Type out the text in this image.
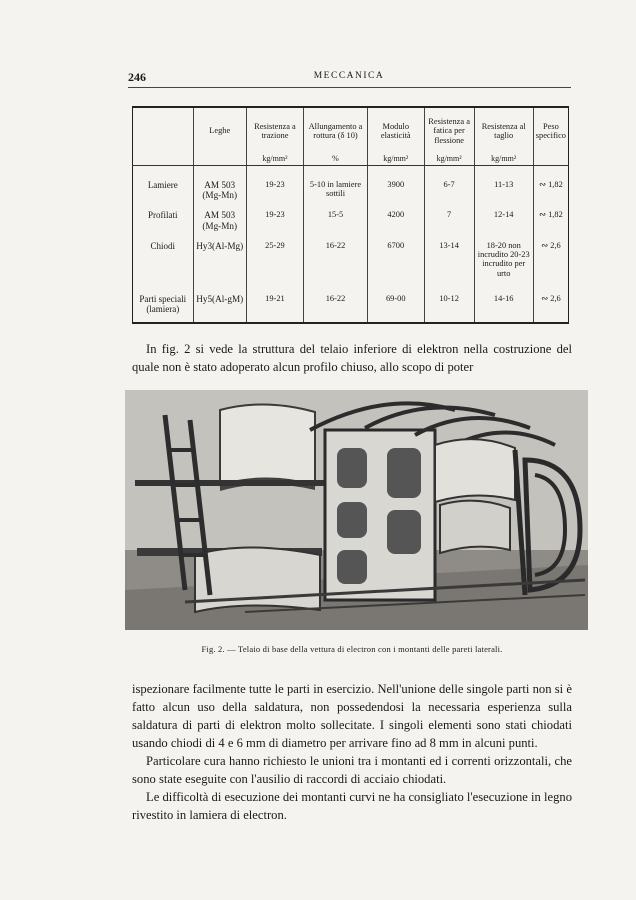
246	MECCANICA
	Leghe	Resistenza a trazione	Allungamento a rottura (δ 10)	Modulo elasticità	Resistenza a fatica per flessione	Resistenza al taglio	Peso specifico
		kg/mm²	%	kg/mm²	kg/mm²	kg/mm²	

Lamiere	AM 503 (Mg-Mn)	19-23	5-10 in lamiere sottili	3900	6-7	11-13	∾ 1,82
Profilati	AM 503 (Mg-Mn)	19-23	15-5	4200	7	12-14	∾ 1,82
Chiodi	Hy3(Al-Mg)	25-29	16-22	6700	13-14	18-20 non incrudito 20-23 incrudito per urto	∾ 2,6
Parti speciali (lamiera)	Hy5(Al-gM)	19-21	16-22	69-00	10-12	14-16	∾ 2,6

In fig. 2 si vede la struttura del telaio inferiore di elektron nella costruzione del quale non è stato adoperato alcun profilo chiuso, allo scopo di poter

Fig. 2. — Telaio di base della vettura di electron con i montanti delle pareti laterali.

ispezionare facilmente tutte le parti in esercizio. Nell'unione delle singole parti non si è fatto alcun uso della saldatura, non possedendosi la necessaria esperienza sulla saldatura di parti di elektron molto sollecitate. I singoli elementi sono stati chiodati usando chiodi di 4 e 6 mm di diametro per arrivare fino ad 8 mm in alcuni punti.

Particolare cura hanno richiesto le unioni tra i montanti ed i correnti orizzontali, che sono state eseguite con l'ausilio di raccordi di acciaio chiodati.

Le difficoltà di esecuzione dei montanti curvi ne ha consigliato l'esecuzione in legno rivestito in lamiera di electron.
